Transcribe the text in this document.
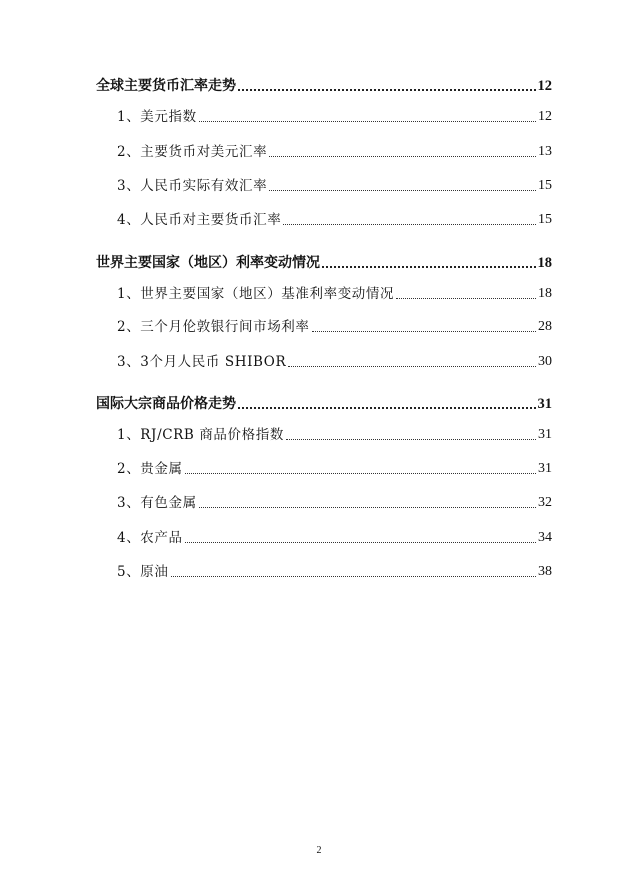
全球主要货币汇率走势	12
1、美元指数	12
2、主要货币对美元汇率	13
3、人民币实际有效汇率	15
4、人民币对主要货币汇率	15
世界主要国家（地区）利率变动情况	18
1、世界主要国家（地区）基准利率变动情况	18
2、三个月伦敦银行间市场利率	28
3、3个月人民币 SHIBOR	30
国际大宗商品价格走势	31
1、RJ/CRB 商品价格指数	31
2、贵金属	31
3、有色金属	32
4、农产品	34
5、原油	38
2
